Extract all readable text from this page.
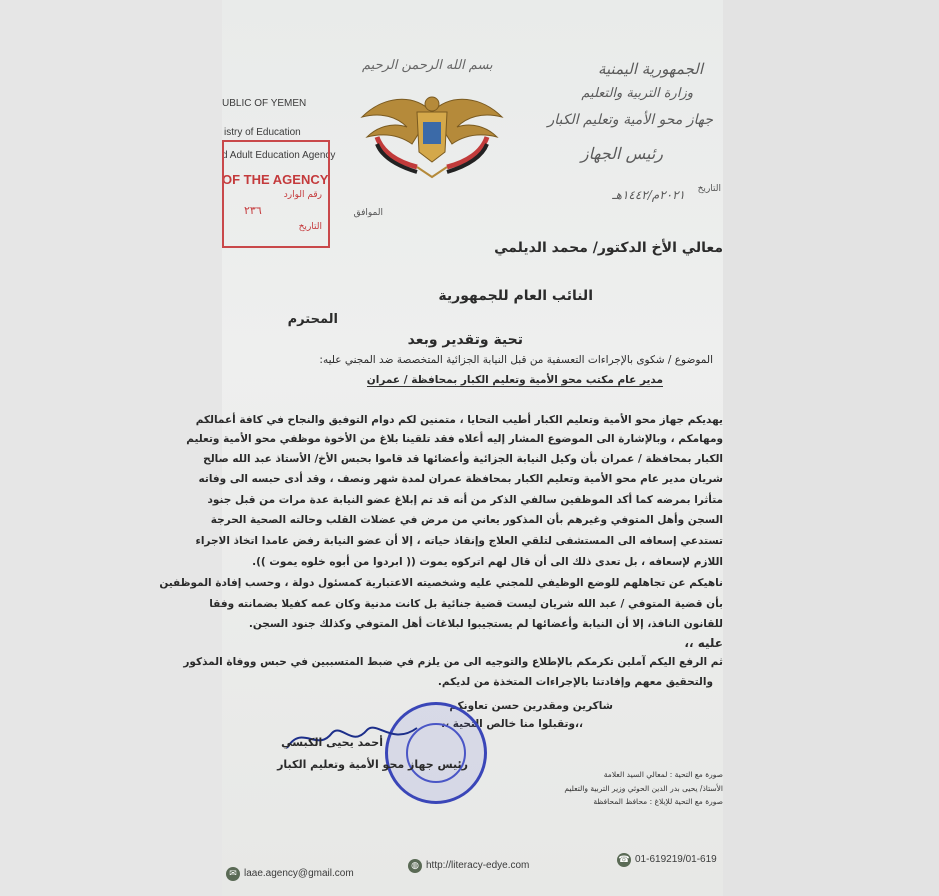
بسم الله الرحمن الرحيم	الجمهورية اليمنية
وزارة التربية والتعليم
جهاز محو الأمية وتعليم الكبار
رئيس الجهاز
UBLIC OF YEMEN
istry of Education
d Adult Education Agency
OF THE AGENCY
رقم الوارد
٢٣٦
التاريخ
التاريخ
٢٠٢١م/١٤٤٢هـ
الموافق
معالي الأخ الدكتور/ محمد الديلمي
النائب العام للجمهورية
المحترم
تحية وتقدير وبعد
الموضوع / شكوى بالإجراءات التعسفية من قبل النيابة الجزائية المتخصصة ضد المجني عليه:
مدير عام مكتب محو الأمية وتعليم الكبار بمحافظة / عمران
يهديكم جهاز محو الأمية وتعليم الكبار أطيب التحايا ، متمنين لكم دوام التوفيق والنجاح في كافة أعمالكم
ومهامكم ، وبالإشارة الى الموضوع المشار إليه أعلاه فقد تلقينا بلاغ من الأخوة موظفي محو الأمية وتعليم
الكبار بمحافظة / عمران بأن وكيل النيابة الجزائية وأعضائها قد قاموا بحبس الأخ/ الأستاذ عبد الله صالح
شريان مدير عام محو الأمية وتعليم الكبار بمحافظة عمران لمدة شهر ونصف ، وقد أدى حبسه الى وفاته
متأثرا بمرضه كما أكد الموظفين سالفي الذكر من أنه قد تم إبلاغ عضو النيابة عدة مرات من قبل جنود
السجن وأهل المتوفي وغيرهم بأن المذكور يعاني من مرض في عضلات القلب وحالته الصحية الحرجة
تستدعي إسعافه الى المستشفى لتلقي العلاج وإنقاذ حياته ، إلا أن عضو النيابة رفض عامدا اتخاذ الاجراء
اللازم لإسعافه ، بل تعدى ذلك الى أن قال لهم اتركوه يموت (( ابردوا من أبوه خلوه يموت )).
ناهيكم عن تجاهلهم للوضع الوظيفي للمجني عليه وشخصيته الاعتبارية كمسئول دولة ، وحسب إفادة الموظفين
بأن قضية المتوفي / عبد الله شريان ليست قضية جنائية بل كانت مدنية وكان عمه كفيلا بضمانته وفقا
للقانون النافذ، إلا أن النيابة وأعضائها لم يستجيبوا لبلاغات أهل المتوفي وكذلك جنود السجن.
عليه ،،
ثم الرفع اليكم آملين تكرمكم بالإطلاع والتوجيه الى من يلزم في ضبط المتسببين في حبس ووفاة المذكور
والتحقيق معهم وإفادتنا بالإجراءات المتخذة من لديكم.
شاكرين ومقدرين حسن تعاونكم
،،وتقبلوا منا خالص التحية ،،
أحمد يحيى الكبسي
رئيس جهاز محو الأمية وتعليم الكبار
صورة مع التحية : لمعالي السيد العلامة
الأستاذ/ يحيى بدر الدين الحوثي وزير التربية والتعليم
صورة مع التحية للإبلاغ : محافظ المحافظة
✉ laae.agency@gmail.com
◍ http://literacy-edye.com	☎ 01-619219/01-619
